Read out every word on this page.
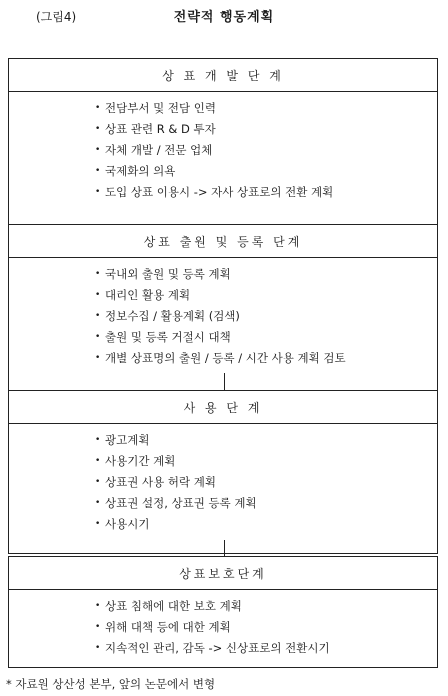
(그림4)	전략적 행동계획
상 표 개 발 단 계
• 전담부서 및 전담 인력
• 상표 관련 R & D 투자
• 자체 개발 / 전문 업체
• 국제화의 의욕
• 도입 상표 이용시 -> 자사 상표로의 전환 계획
상표 출원 및 등록 단계
• 국내외 출원 및 등록 계획
• 대리인 활용 계획
• 정보수집 / 활용계획 (검색)
• 출원 및 등록 거절시 대책
• 개별 상표명의 출원 / 등록 / 시간 사용 계획 검토
사 용 단 계
• 광고계획
• 사용기간 계획
• 상표권 사용 허락 계획
• 상표권 설정, 상표권 등록 계획
• 사용시기
상표보호단계
• 상표 침해에 대한 보호 계획
• 위해 대책 등에 대한 계획
• 지속적인 관리, 감독 -> 신상표로의 전환시기
* 자료원 상산성 본부, 앞의 논문에서 변형
